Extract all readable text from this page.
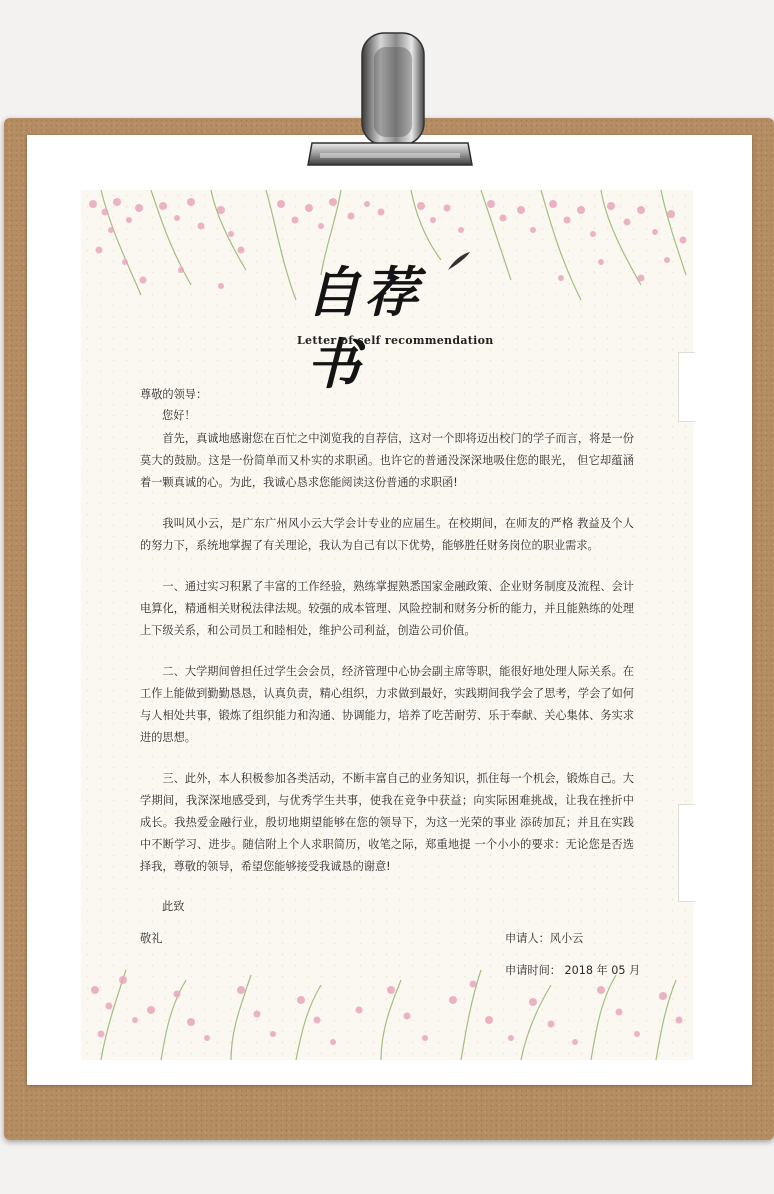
自荐书
Letter of self recommendation
尊敬的领导：
您好！

首先，真诚地感谢您在百忙之中浏览我的自荐信，这对一个即将迈出校门的学子而言，将是一份莫大的鼓励。这是一份简单而又朴实的求职函。也许它的普通没深深地吸住您的眼光， 但它却蕴涵着一颗真诚的心。为此，我诚心恳求您能阅读这份普通的求职函!

我叫风小云，是广东广州风小云大学会计专业的应届生。在校期间，在师友的严格 教益及个人的努力下，系统地掌握了有关理论，我认为自己有以下优势，能够胜任财务岗位的职业需求。

一、通过实习积累了丰富的工作经验，熟练掌握熟悉国家金融政策、企业财务制度及流程、会计电算化，精通相关财税法律法规。较强的成本管理、风险控制和财务分析的能力，并且能熟练的处理上下级关系，和公司员工和睦相处，维护公司利益，创造公司价值。

二、大学期间曾担任过学生会会员，经济管理中心协会副主席等职，能很好地处理人际关系。在工作上能做到勤勤恳恳，认真负责，精心组织，力求做到最好，实践期间我学会了思考，学会了如何与人相处共事，锻炼了组织能力和沟通、协调能力，培养了吃苦耐劳、乐于奉献、关心集体、务实求进的思想。

三、此外，本人积极参加各类活动，不断丰富自己的业务知识，抓住每一个机会，锻炼自己。大学期间，我深深地感受到，与优秀学生共事，使我在竞争中获益；向实际困难挑战，让我在挫折中 成长。我热爱金融行业，殷切地期望能够在您的领导下，为这一光荣的事业 添砖加瓦；并且在实践中不断学习、进步。随信附上个人求职简历，收笔之际，郑重地提 一个小小的要求：无论您是否选择我，尊敬的领导，希望您能够接受我诚恳的谢意!

此致
敬礼	申请人：风小云
申请时间： 2018 年 05 月
